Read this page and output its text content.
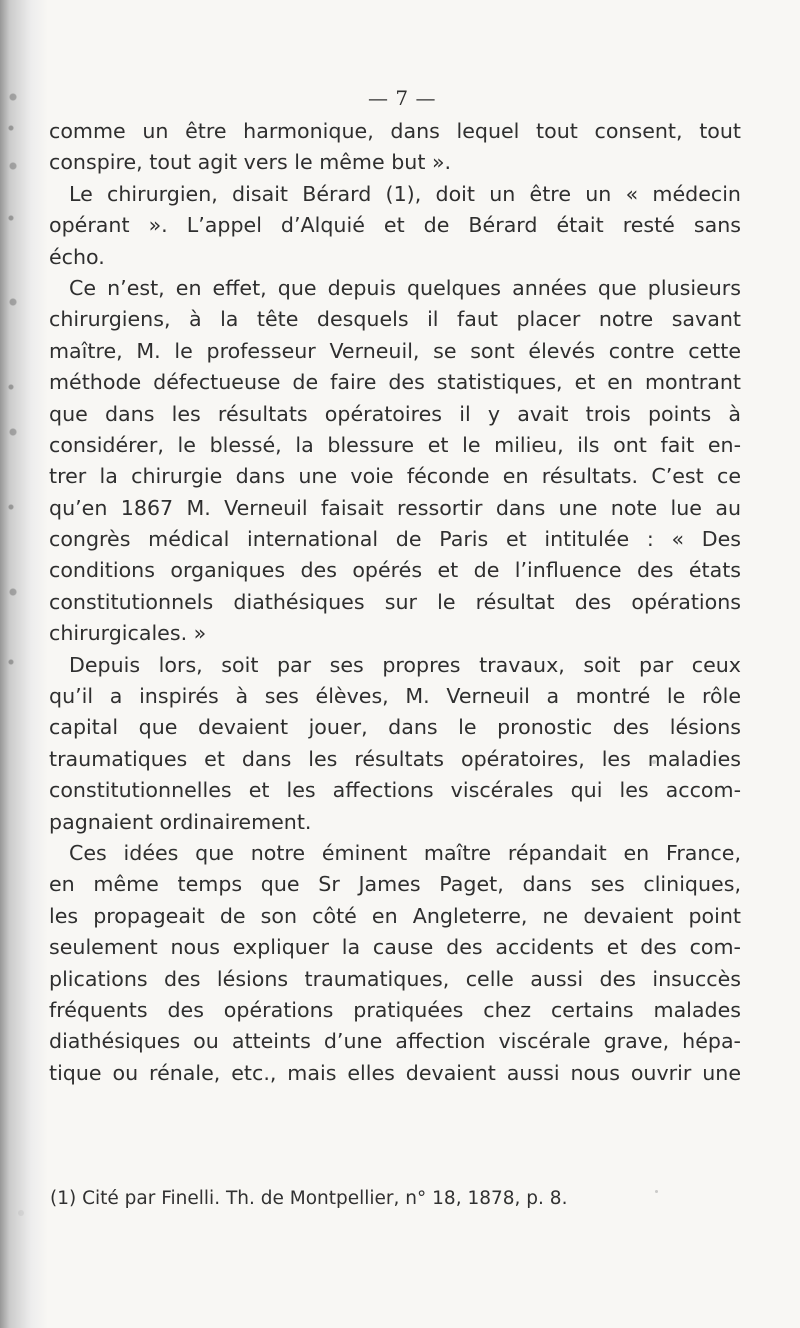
— 7 —
comme un être harmonique, dans lequel tout consent, tout
conspire, tout agit vers le même but ».
Le chirurgien, disait Bérard (1), doit un être un « médecin
opérant ». L’appel d’Alquié et de Bérard était resté sans
écho.
Ce n’est, en effet, que depuis quelques années que plusieurs
chirurgiens, à la tête desquels il faut placer notre savant
maître, M. le professeur Verneuil, se sont élevés contre cette
méthode défectueuse de faire des statistiques, et en montrant
que dans les résultats opératoires il y avait trois points à
considérer, le blessé, la blessure et le milieu, ils ont fait en-
trer la chirurgie dans une voie féconde en résultats. C’est ce
qu’en 1867 M. Verneuil faisait ressortir dans une note lue au
congrès médical international de Paris et intitulée : « Des
conditions organiques des opérés et de l’influence des états
constitutionnels diathésiques sur le résultat des opérations
chirurgicales. »
Depuis lors, soit par ses propres travaux, soit par ceux
qu’il a inspirés à ses élèves, M. Verneuil a montré le rôle
capital que devaient jouer, dans le pronostic des lésions
traumatiques et dans les résultats opératoires, les maladies
constitutionnelles et les affections viscérales qui les accom-
pagnaient ordinairement.
Ces idées que notre éminent maître répandait en France,
en même temps que Sr James Paget, dans ses cliniques,
les propageait de son côté en Angleterre, ne devaient point
seulement nous expliquer la cause des accidents et des com-
plications des lésions traumatiques, celle aussi des insuccès
fréquents des opérations pratiquées chez certains malades
diathésiques ou atteints d’une affection viscérale grave, hépa-
tique ou rénale, etc., mais elles devaient aussi nous ouvrir une
(1) Cité par Finelli. Th. de Montpellier, n° 18, 1878, p. 8.
